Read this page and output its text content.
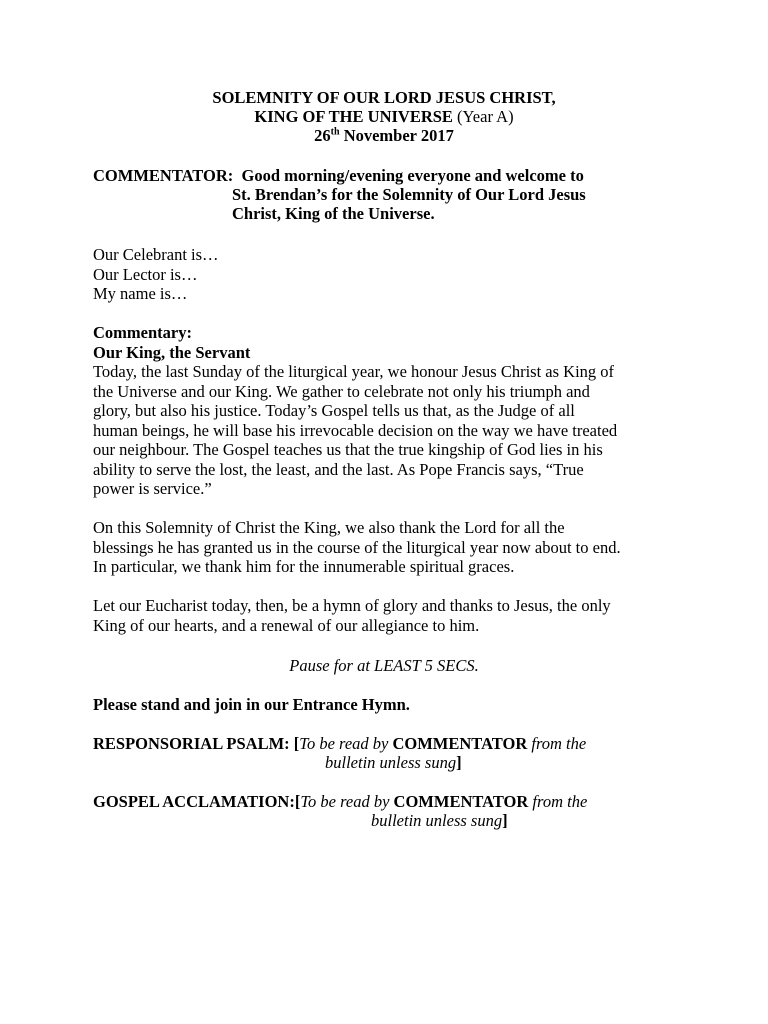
SOLEMNITY OF OUR LORD JESUS CHRIST,
KING OF THE UNIVERSE (Year A)
26th November 2017
COMMENTATOR: Good morning/evening everyone and welcome to
St. Brendan’s for the Solemnity of Our Lord Jesus
Christ, King of the Universe.
Our Celebrant is…
Our Lector is…
My name is…
Commentary:
Our King, the Servant
Today, the last Sunday of the liturgical year, we honour Jesus Christ as King of
the Universe and our King. We gather to celebrate not only his triumph and
glory, but also his justice. Today’s Gospel tells us that, as the Judge of all
human beings, he will base his irrevocable decision on the way we have treated
our neighbour. The Gospel teaches us that the true kingship of God lies in his
ability to serve the lost, the least, and the last. As Pope Francis says, “True
power is service.”
On this Solemnity of Christ the King, we also thank the Lord for all the
blessings he has granted us in the course of the liturgical year now about to end.
In particular, we thank him for the innumerable spiritual graces.
Let our Eucharist today, then, be a hymn of glory and thanks to Jesus, the only
King of our hearts, and a renewal of our allegiance to him.
Pause for at LEAST 5 SECS.
Please stand and join in our Entrance Hymn.
RESPONSORIAL PSALM: [To be read by COMMENTATOR from the
bulletin unless sung]
GOSPEL ACCLAMATION:[To be read by COMMENTATOR from the
bulletin unless sung]
